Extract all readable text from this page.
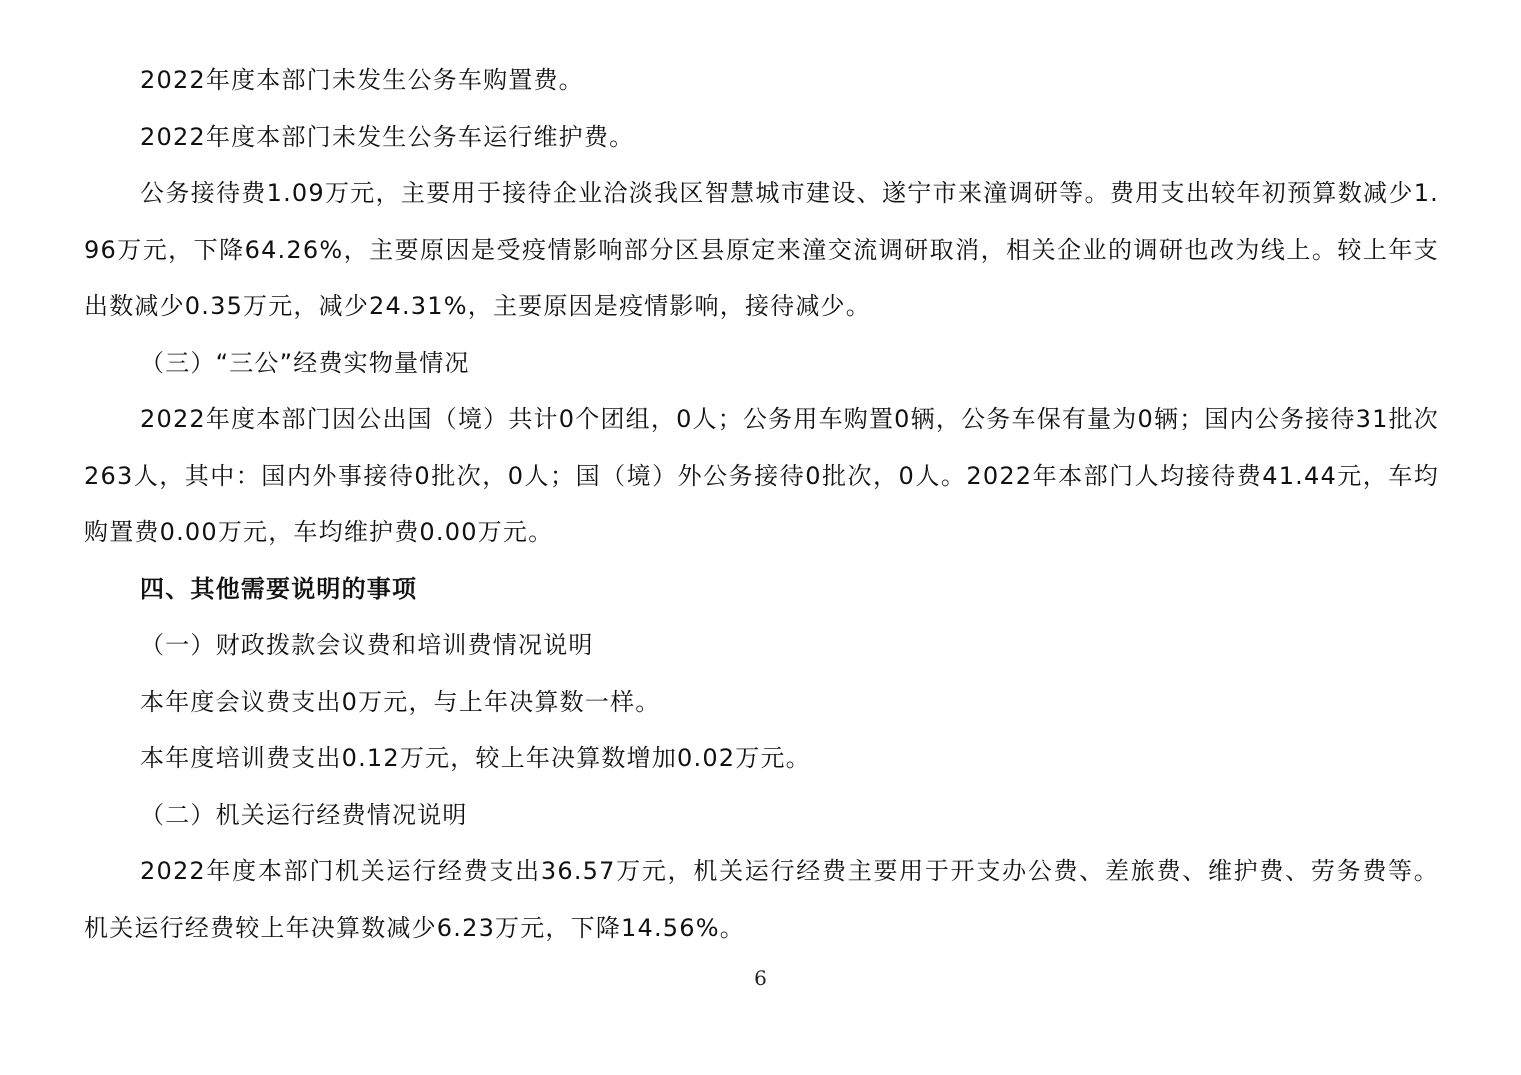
2022年度本部门未发生公务车购置费。

2022年度本部门未发生公务车运行维护费。

公务接待费1.09万元，主要用于接待企业洽淡我区智慧城市建设、遂宁市来潼调研等。费用支出较年初预算数减少1.96万元，下降64.26%，主要原因是受疫情影响部分区县原定来潼交流调研取消，相关企业的调研也改为线上。较上年支出数减少0.35万元，减少24.31%，主要原因是疫情影响，接待减少。

（三）“三公”经费实物量情况

2022年度本部门因公出国（境）共计0个团组，0人；公务用车购置0辆，公务车保有量为0辆；国内公务接待31批次263人，其中：国内外事接待0批次，0人；国（境）外公务接待0批次，0人。2022年本部门人均接待费41.44元，车均购置费0.00万元，车均维护费0.00万元。

四、其他需要说明的事项

（一）财政拨款会议费和培训费情况说明

本年度会议费支出0万元，与上年决算数一样。

本年度培训费支出0.12万元，较上年决算数增加0.02万元。

（二）机关运行经费情况说明

2022年度本部门机关运行经费支出36.57万元，机关运行经费主要用于开支办公费、差旅费、维护费、劳务费等。机关运行经费较上年决算数减少6.23万元，下降14.56%。

6
